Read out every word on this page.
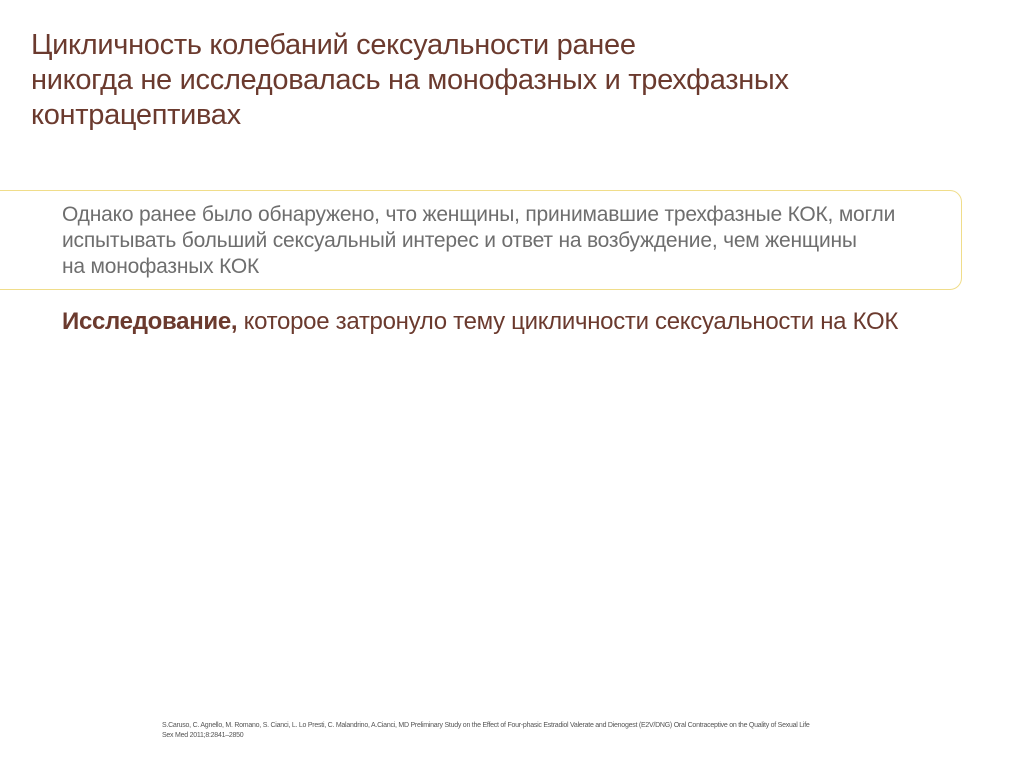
Цикличность колебаний сексуальности ранее
никогда не исследовалась на монофазных и трехфазных
контрацептивах

Однако ранее было обнаружено, что женщины, принимавшие трехфазные КОК, могли
испытывать больший сексуальный интерес и ответ на возбуждение, чем женщины
на монофазных КОК

Исследование, которое затронуло тему цикличности сексуальности на КОК

S.Caruso, C. Agnello, M. Romano, S. Cianci, L. Lo Presti, C. Malandrino, A.Cianci, MD Preliminary Study on the Effect of Four-phasic Estradiol Valerate and Dienogest (E2V/DNG) Oral Contraceptive on the Quality of Sexual Life
Sex Med 2011;8:2841–2850
